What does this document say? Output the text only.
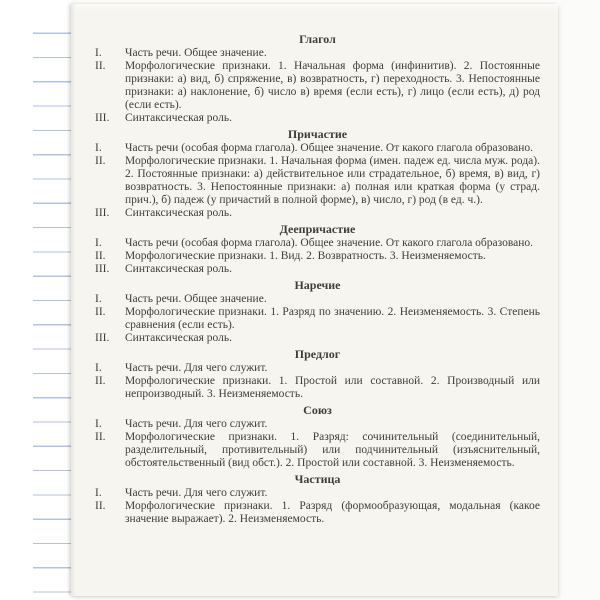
Глагол
I.	Часть речи. Общее значение.
II.	Морфологические признаки. 1. Начальная форма (инфинитив). 2. Постоянные признаки: а) вид, б) спряжение, в) возвратность, г) переходность. 3. Непостоянные признаки: а) наклонение, б) число в) время (если есть), г) лицо (если есть), д) род (если есть).
III.	Синтаксическая роль.
Причастие
I.	Часть речи (особая форма глагола). Общее значение. От какого глагола образовано.
II.	Морфологические признаки. 1. Начальная форма (имен. падеж ед. числа муж. рода). 2. Постоянные признаки: а) действительное или страдательное, б) время, в) вид, г) возвратность. 3. Непостоянные признаки: а) полная или краткая форма (у страд. прич.), б) падеж (у причастий в полной форме), в) число, г) род (в ед. ч.).
III.	Синтаксическая роль.
Деепричастие
I.	Часть речи (особая форма глагола). Общее значение. От какого глагола образовано.
II.	Морфологические признаки. 1. Вид. 2. Возвратность. 3. Неизменяемость.
III.	Синтаксическая роль.
Наречие
I.	Часть речи. Общее значение.
II.	Морфологические признаки. 1. Разряд по значению. 2. Неизменяемость. 3. Степень сравнения (если есть).
III.	Синтаксическая роль.
Предлог
I.	Часть речи. Для чего служит.
II.	Морфологические признаки. 1. Простой или составной. 2. Производный или непроизводный. 3. Неизменяемость.
Союз
I.	Часть речи. Для чего служит.
II.	Морфологические признаки. 1. Разряд: сочинительный (соединительный, разделительный, противительный) или подчинительный (изъяснительный, обстоятельственный (вид обст.). 2. Простой или составной. 3. Неизменяемость.
Частица
I.	Часть речи. Для чего служит.
II.	Морфологические признаки. 1. Разряд (формообразующая, модальная (какое значение выражает). 2. Неизменяемость.
